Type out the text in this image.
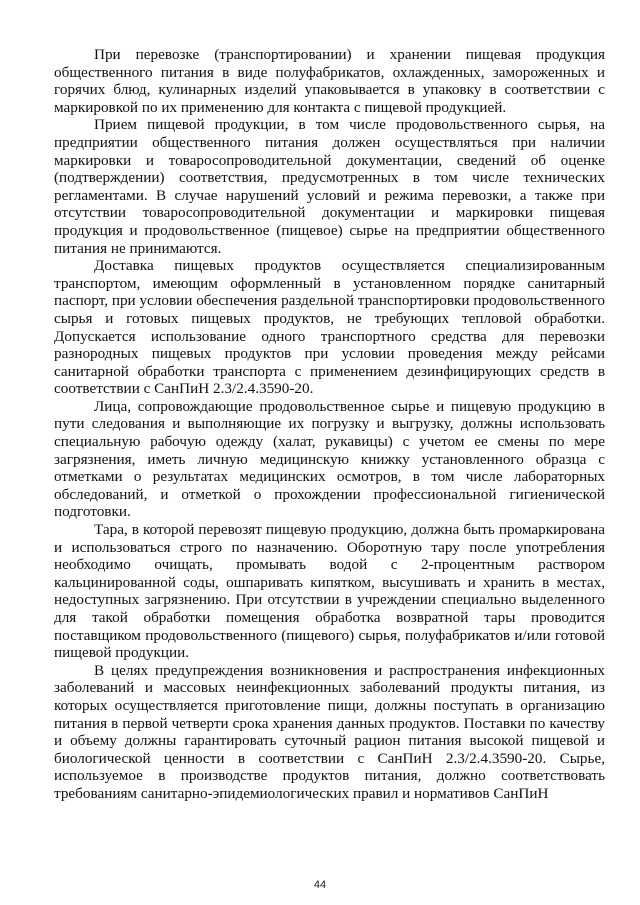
При перевозке (транспортировании) и хранении пищевая продукция общественного питания в виде полуфабрикатов, охлажденных, замороженных и горячих блюд, кулинарных изделий упаковывается в упаковку в соответствии с маркировкой по их применению для контакта с пищевой продукцией.

Прием пищевой продукции, в том числе продовольственного сырья, на предприятии общественного питания должен осуществляться при наличии маркировки и товаросопроводительной документации, сведений об оценке (подтверждении) соответствия, предусмотренных в том числе технических регламентами. В случае нарушений условий и режима перевозки, а также при отсутствии товаросопроводительной документации и маркировки пищевая продукция и продовольственное (пищевое) сырье на предприятии общественного питания не принимаются.

Доставка пищевых продуктов осуществляется специализированным транспортом, имеющим оформленный в установленном порядке санитарный паспорт, при условии обеспечения раздельной транспортировки продовольственного сырья и готовых пищевых продуктов, не требующих тепловой обработки. Допускается использование одного транспортного средства для перевозки разнородных пищевых продуктов при условии проведения между рейсами санитарной обработки транспорта с применением дезинфицирующих средств в соответствии с СанПиН 2.3/2.4.3590-20.

Лица, сопровождающие продовольственное сырье и пищевую продукцию в пути следования и выполняющие их погрузку и выгрузку, должны использовать специальную рабочую одежду (халат, рукавицы) с учетом ее смены по мере загрязнения, иметь личную медицинскую книжку установленного образца с отметками о результатах медицинских осмотров, в том числе лабораторных обследований, и отметкой о прохождении профессиональной гигиенической подготовки.

Тара, в которой перевозят пищевую продукцию, должна быть промаркирована и использоваться строго по назначению. Оборотную тару после употребления необходимо очищать, промывать водой с 2-процентным раствором кальцинированной соды, ошпаривать кипятком, высушивать и хранить в местах, недоступных загрязнению. При отсутствии в учреждении специально выделенного для такой обработки помещения обработка возвратной тары проводится поставщиком продовольственного (пищевого) сырья, полуфабрикатов и/или готовой пищевой продукции.

В целях предупреждения возникновения и распространения инфекционных заболеваний и массовых неинфекционных заболеваний продукты питания, из которых осуществляется приготовление пищи, должны поступать в организацию питания в первой четверти срока хранения данных продуктов. Поставки по качеству и объему должны гарантировать суточный рацион питания высокой пищевой и биологической ценности в соответствии с СанПиН 2.3/2.4.3590-20. Сырье, используемое в производстве продуктов питания, должно соответствовать требованиям санитарно-эпидемиологических правил и нормативов СанПиН

44
